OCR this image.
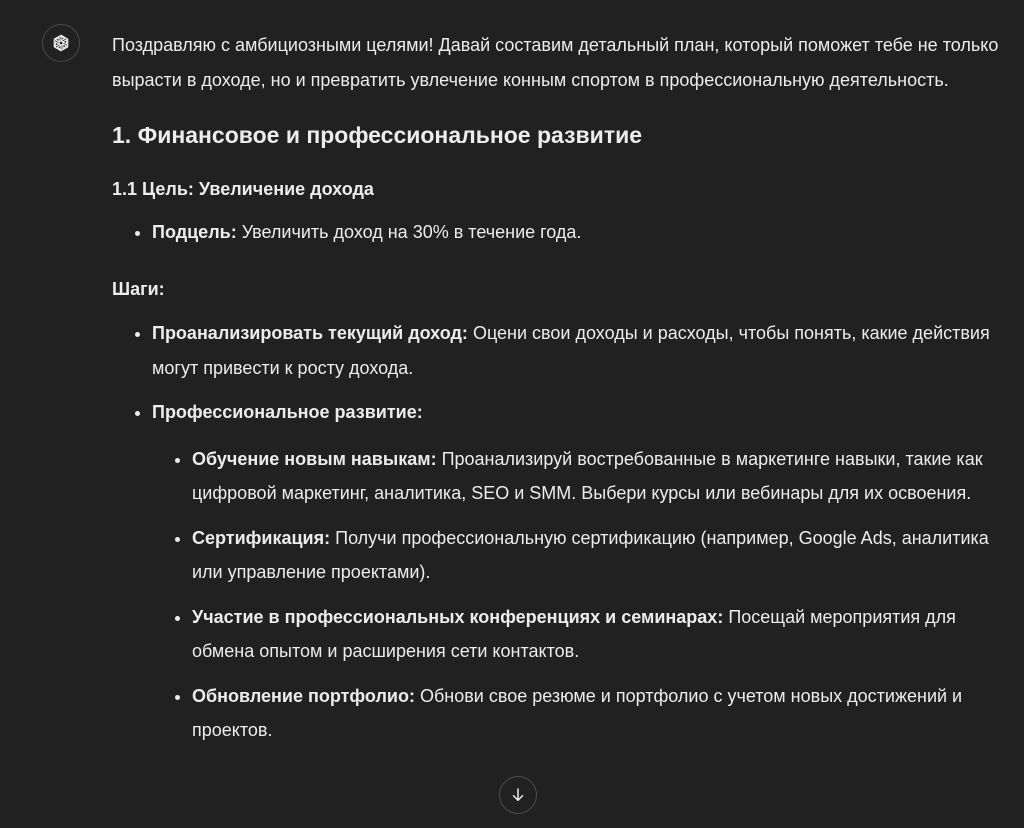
Поздравляю с амбициозными целями! Давай составим детальный план, который поможет тебе не только вырасти в доходе, но и превратить увлечение конным спортом в профессиональную деятельность.

1. Финансовое и профессиональное развитие
1.1 Цель: Увеличение дохода
• Подцель: Увеличить доход на 30% в течение года.

Шаги:

• Проанализировать текущий доход: Оцени свои доходы и расходы, чтобы понять, какие действия могут привести к росту дохода.
• Профессиональное развитие:
• Обучение новым навыкам: Проанализируй востребованные в маркетинге навыки, такие как цифровой маркетинг, аналитика, SEO и SMM. Выбери курсы или вебинары для их освоения.
• Сертификация: Получи профессиональную сертификацию (например, Google Ads, аналитика или управление проектами).
• Участие в профессиональных конференциях и семинарах: Посещай мероприятия для обмена опытом и расширения сети контактов.
• Обновление портфолио: Обнови свое резюме и портфолио с учетом новых достижений и проектов.
